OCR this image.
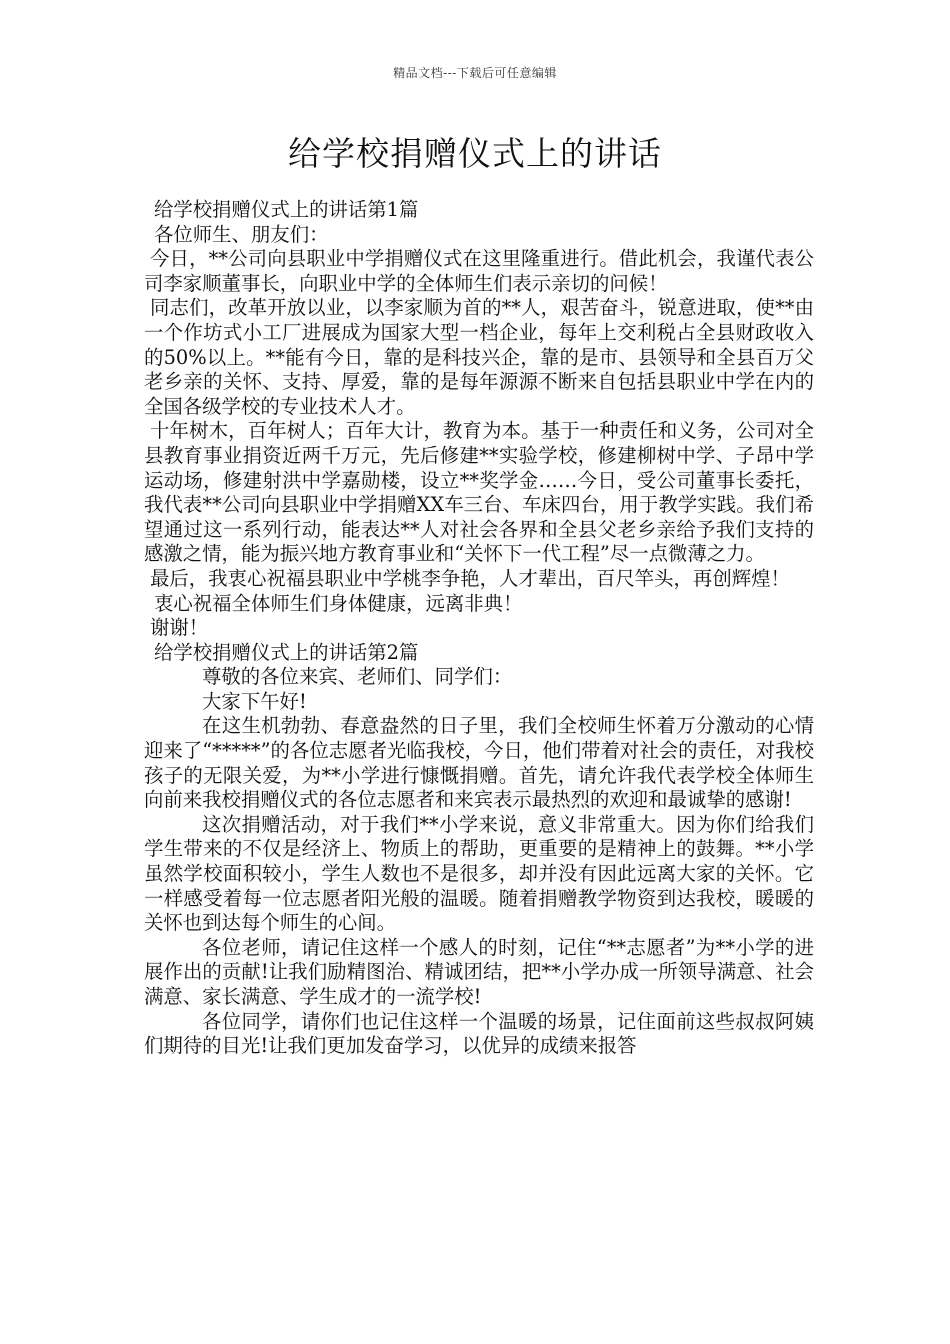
精品文档---下载后可任意编辑
给学校捐赠仪式上的讲话

给学校捐赠仪式上的讲话第1篇

各位师生、朋友们：

今日，**公司向县职业中学捐赠仪式在这里隆重进行。借此机会，我谨代表公司李家顺董事长，向职业中学的全体师生们表示亲切的问候！

同志们，改革开放以业，以李家顺为首的**人，艰苦奋斗，锐意进取，使**由一个作坊式小工厂进展成为国家大型一档企业，每年上交利税占全县财政收入的50%以上。**能有今日，靠的是科技兴企，靠的是市、县领导和全县百万父老乡亲的关怀、支持、厚爱，靠的是每年源源不断来自包括县职业中学在内的全国各级学校的专业技术人才。

十年树木，百年树人；百年大计，教育为本。基于一种责任和义务，公司对全县教育事业捐资近两千万元，先后修建**实验学校，修建柳树中学、子昂中学运动场，修建射洪中学嘉勋楼，设立**奖学金……今日，受公司董事长委托，我代表**公司向县职业中学捐赠XX车三台、车床四台，用于教学实践。我们希望通过这一系列行动，能表达**人对社会各界和全县父老乡亲给予我们支持的感激之情，能为振兴地方教育事业和“关怀下一代工程”尽一点微薄之力。

最后，我衷心祝福县职业中学桃李争艳，人才辈出，百尺竿头，再创辉煌！

衷心祝福全体师生们身体健康，远离非典！

谢谢！

给学校捐赠仪式上的讲话第2篇

尊敬的各位来宾、老师们、同学们：

大家下午好!

在这生机勃勃、春意盎然的日子里，我们全校师生怀着万分激动的心情迎来了“*****”的各位志愿者光临我校，今日，他们带着对社会的责任，对我校孩子的无限关爱，为**小学进行慷慨捐赠。首先，请允许我代表学校全体师生向前来我校捐赠仪式的各位志愿者和来宾表示最热烈的欢迎和最诚挚的感谢!

这次捐赠活动，对于我们**小学来说，意义非常重大。因为你们给我们学生带来的不仅是经济上、物质上的帮助，更重要的是精神上的鼓舞。**小学虽然学校面积较小，学生人数也不是很多，却并没有因此远离大家的关怀。它一样感受着每一位志愿者阳光般的温暖。随着捐赠教学物资到达我校，暖暖的关怀也到达每个师生的心间。

各位老师，请记住这样一个感人的时刻，记住“**志愿者”为**小学的进展作出的贡献!让我们励精图治、精诚团结，把**小学办成一所领导满意、社会满意、家长满意、学生成才的一流学校!

各位同学，请你们也记住这样一个温暖的场景，记住面前这些叔叔阿姨们期待的目光!让我们更加发奋学习，以优异的成绩来报答
